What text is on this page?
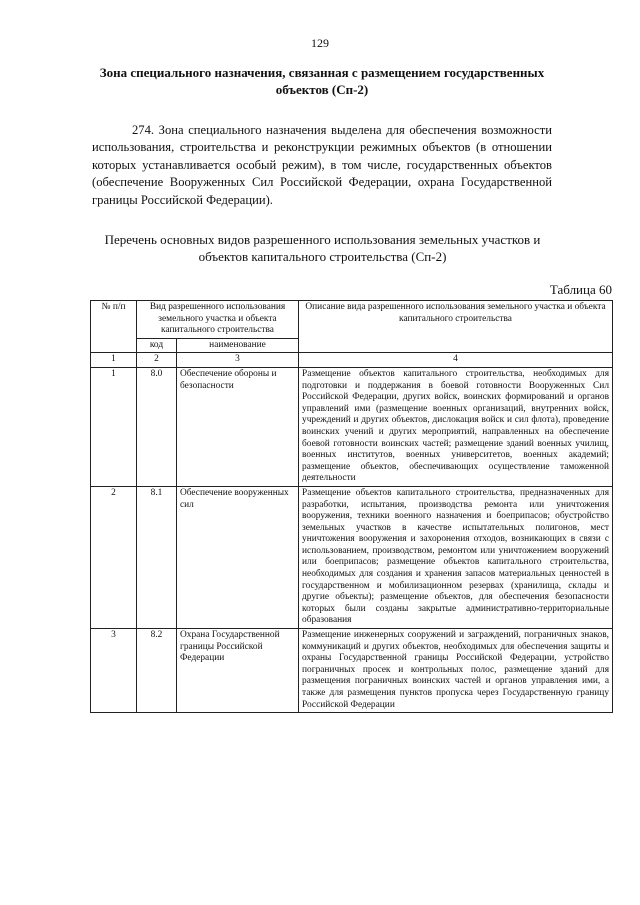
129
Зона специального назначения, связанная с размещением государственных объектов (Сп-2)
274. Зона специального назначения выделена для обеспечения возможности использования, строительства и реконструкции режимных объектов (в отношении которых устанавливается особый режим), в том числе, государственных объектов (обеспечение Вооруженных Сил Российской Федерации, охрана Государственной границы Российской Федерации).
Перечень основных видов разрешенного использования земельных участков и объектов капитального строительства (Сп-2)
Таблица 60
№ п/п	Вид разрешенного использования земельного участка и объекта капитального строительства		Описание вида разрешенного использования земельного участка и объекта капитального строительства
	код	наименование	
1	2	3	4
1	8.0	Обеспечение обороны и безопасности	Размещение объектов капитального строительства, необходимых для подготовки и поддержания в боевой готовности Вооруженных Сил Российской Федерации, других войск, воинских формирований и органов управлений ими (размещение военных организаций, внутренних войск, учреждений и других объектов, дислокация войск и сил флота), проведение воинских учений и других мероприятий, направленных на обеспечение боевой готовности воинских частей; размещение зданий военных училищ, военных институтов, военных университетов, военных академий; размещение объектов, обеспечивающих осуществление таможенной деятельности
2	8.1	Обеспечение вооруженных сил	Размещение объектов капитального строительства, предназначенных для разработки, испытания, производства ремонта или уничтожения вооружения, техники военного назначения и боеприпасов; обустройство земельных участков в качестве испытательных полигонов, мест уничтожения вооружения и захоронения отходов, возникающих в связи с использованием, производством, ремонтом или уничтожением вооружений или боеприпасов; размещение объектов капитального строительства, необходимых для создания и хранения запасов материальных ценностей в государственном и мобилизационном резервах (хранилища, склады и другие объекты); размещение объектов, для обеспечения безопасности которых были созданы закрытые административно-территориальные образования
3	8.2	Охрана Государственной границы Российской Федерации	Размещение инженерных сооружений и заграждений, пограничных знаков, коммуникаций и других объектов, необходимых для обеспечения защиты и охраны Государственной границы Российской Федерации, устройство пограничных просек и контрольных полос, размещение зданий для размещения пограничных воинских частей и органов управления ими, а также для размещения пунктов пропуска через Государственную границу Российской Федерации
